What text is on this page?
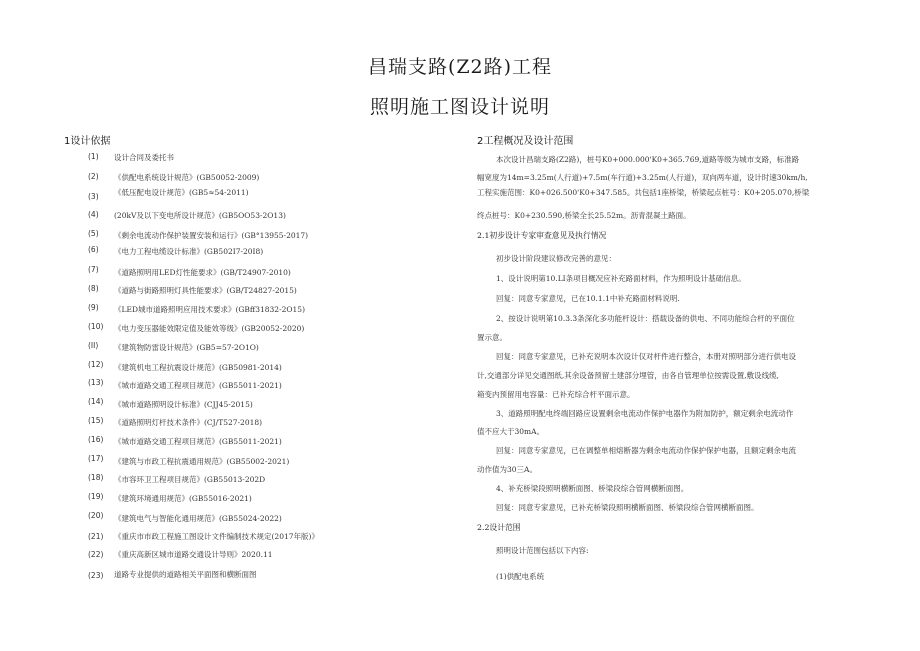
昌瑞支路(Z2路)工程
照明施工图设计说明
1设计依据
(1) 设计合同及委托书
(2) 《供配电系统设计规范》(GB50052-2009)
(3) 《低压配电设计规范》(GB5≈54-2011)
(4) (20kV及以下变电所设计规范》(GB5OO53-2O13)
(5) 《剩余电流动作保护装置安装和运行》(GB°13955-2017)
(6) 《电力工程电缆设计标准》(GB502I7-20I8)
(7) 《道路照明用LED灯性能要求》(GB/T24907-2010)
(8) 《道路与街路照明灯具性能要求》(GB/T24827-2015)
(9) 《LED城市道路照明应用技术要求》(GBff31832-2O15)
(10) 《电力变压器能效限定值及能效等级》(GB20052-2020)
(II) 《建筑物防雷设计规范》(GB5=57-2O1O)
(12) 《建筑机电工程抗震设计规范》(GB50981-2014)
(13) 《城市道路交通工程项目规范》(GB55011-2021)
(14) 《城市道路照明设计标准》(CJJ45-2015)
(15) 《道路照明灯杆技术条件》(CJ/T527-2018)
(16) 《城市道路交通工程项目规范》(GB55011-2021)
(17) 《建筑与市政工程抗震通用规范》(GB55002-2021)
(18) 《市容环卫工程项目规范》(GB55013-202D
(19) 《建筑环境通用规范》(GB55016-2021)
(20) 《建筑电气与智能化通用规范》(GB55024-2022)
(21) 《重庆市市政工程施工图设计文件编制技术规定(2017年版)》
(22) 《重庆高新区城市道路交通设计导则》2020.11
(23) 道路专业提供的道路相关平面图和横断面图
2工程概况及设计范围
本次设计昌瑞支路(Z2路)，桩号K0+000.000'K0+365.769,道路等级为城市支路，标准路
幅宽度为14m=3.25m(人行道)+7.5m(车行道)+3.25m(人行道)，双向两车道，设计时速30km/h,
工程实施范围：K0+026.500'K0+347.585。共包括1座桥梁，桥梁起点桩号：K0+205.070,桥梁
终点桩号：K0+230.590,桥梁全长25.52m。沥青混凝土路面。
2.1初步设计专家审查意见及执行情况
初步设计阶段建议修改完善的意见：
1、设计说明第10.LI条项目概况应补充路面材料，作为照明设计基础信息。
回复：同意专家意见，已在10.1.1中补充路面材料说明.
2、按设计说明第10.3.3条深化多功能杆设计：搭载设备的供电、不同功能综合杆的平面位
置示意。
回复：同意专家意见，已补充说明本次设计仅对杆件进行整合，本册对照明部分进行供电设
计,交通部分详见交通图纸,其余设备预留土建部分埋管，由各自管理单位按需设置,敷设线缆,
箱变内预留用电容量：已补充综合杆平面示意。
3、道路照明配电终端回路应设置剩余电流动作保护电器作为附加防护，额定剩余电流动作
值不应大于30mA。
回复：同意专家意见，已在调整单相熔断器为剩余电流动作保护保护电器，且额定剩余电流
动作值为30三A。
4、补充桥梁段照明横断面图、桥梁段综合管网横断面图。
回复：同意专家意见，已补充桥梁段照明横断面图、桥梁段综合管网横断面图。
2.2设计范围
照明设计范围包括以下内容:
(1)供配电系统
